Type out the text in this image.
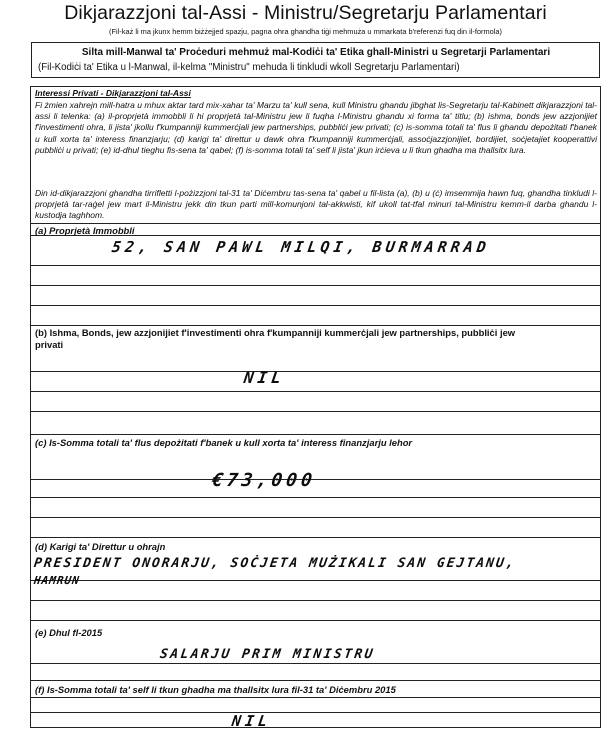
Dikjarazzjoni tal-Assi - Ministru/Segretarju Parlamentari
(Fil-każ li ma jkunx hemm biżżejjed spazju, pagna ohra ghandha tiġi mehmuża u mmarkata b'referenzi fuq din il-formola)
Silta mill-Manwal ta' Proċeduri mehmuż mal-Kodiċi ta' Etika ghall-Ministri u Segretarji Parlamentari
(Fil-Kodiċi ta' Etika u l-Manwal, il-kelma "Ministru" mehuda li tinkludi wkoll Segretarju Parlamentari)
Interessi Privati - Dikjarazzjoni tal-Assi
Fi żmien xahrejn mill-hatra u mhux aktar tard mix-xahar ta' Marzu ta' kull sena, kull Ministru ghandu jibghat lis-Segretarju tal-Kabinett dikjarazzjoni tal-assi li telenka: (a) il-proprjetà immobbli li hi proprjetà tal-Ministru jew li fuqha l-Ministru ghandu xi forma ta' titlu; (b) ishma, bonds jew azzjonijiet f'investimenti ohra, li jista' jkollu f'kumpanniji kummerċjali jew partnerships, pubbliċi jew privati; (c) is-somma totali ta' flus li ghandu depożitati f'banek u kull xorta ta' interess finanzjarju; (d) karigi ta' direttur u dawk ohra f'kumpanniji kummerċjali, assoċjazzjonijiet, bordijiet, soċjetajiet kooperattivi pubbliċi u privati; (e) id-dhul tieghu fis-sena ta' qabel; (f) is-somma totali ta' self li jista' jkun irċieva u li tkun ghadha ma thallsitx lura.
Din id-dikjarazzjoni ghandha tirrifletti l-pożizzjoni tal-31 ta' Diċembru tas-sena ta' qabel u fil-lista (a), (b) u (ċ) imsemmija hawn fuq, ghandha tinkludi l-proprjetà tar-raġel jew mart il-Ministru jekk din tkun parti mill-komunjoni tal-akkwisti, kif ukoll tat-tfal minuri tal-Ministru kemm-il darba ghandu l-kustodja taghhom.
(a) Proprjetà Immobbli
52, SAN PAWL MILQI, BURMARRAD
(b) Ishma, Bonds, jew azzjonijiet f'investimenti ohra f'kumpanniji kummerċjali jew partnerships, pubbliċi jew
privati
NIL
(c) Is-Somma totali ta' flus depożitati f'banek u kull xorta ta' interess finanzjarju lehor
€73,000
(d) Karigi ta' Direttur u ohrajn
PRESIDENT ONORARJU, SOĊJETA MUŻIKALI SAN GEJTANU,
HAMRUN
(e) Dhul fl-2015
SALARJU PRIM MINISTRU
(f) Is-Somma totali ta' self li tkun ghadha ma thallsitx lura fil-31 ta' Diċembru 2015
NIL
